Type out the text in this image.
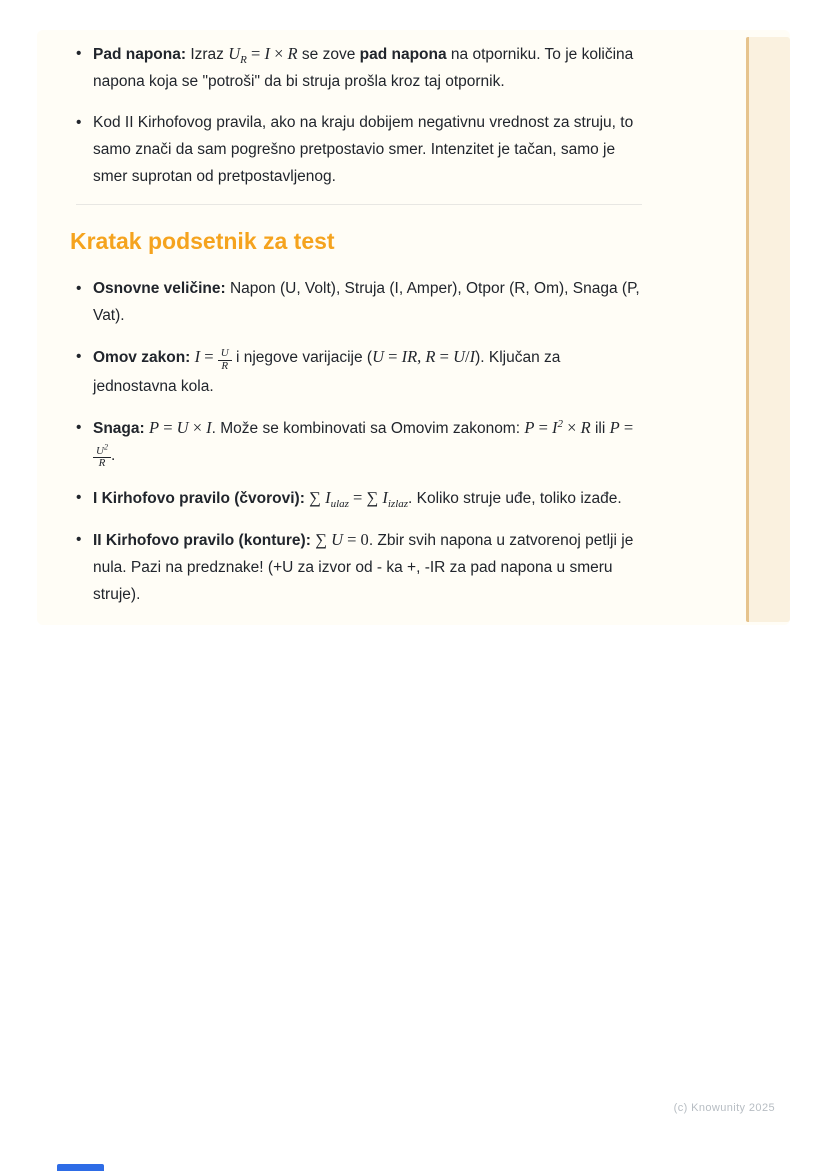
• Pad napona: Izraz $U_R = I \times R$ se zove pad napona na otporniku. To je količina napona koja se "potroši" da bi struja prošla kroz taj otpornik.
• Kod II Kirhofovog pravila, ako na kraju dobijem negativnu vrednost za struju, to samo znači da sam pogrešno pretpostavio smer. Intenzitet je tačan, samo je smer suprotan od pretpostavljenog.
Kratak podsetnik za test
• Osnovne veličine: Napon (U, Volt), Struja (I, Amper), Otpor (R, Om), Snaga (P, Vat).
• Omov zakon: $I = \frac{U}{R}$ i njegove varijacije (U = IR, R = U/I). Ključan za jednostavna kola.
• Snaga: P = U × I. Može se kombinovati sa Omovim zakonom: $P = I^2 \times R$ ili P =
$\frac{U^2}{R}$ .
• I Kirhofovo pravilo (čvorovi): ∑ $I_{ulaz}$ = ∑ $I_{izlaz}$. Koliko struje uđe, toliko izađe.
• II Kirhofovo pravilo (konture): ∑ U = 0. Zbir svih napona u zatvorenoj petlji je nula. Pazi na predznake! (+U za izvor od - ka +, -IR za pad napona u smeru struje).
(c) Knowunity 2025
